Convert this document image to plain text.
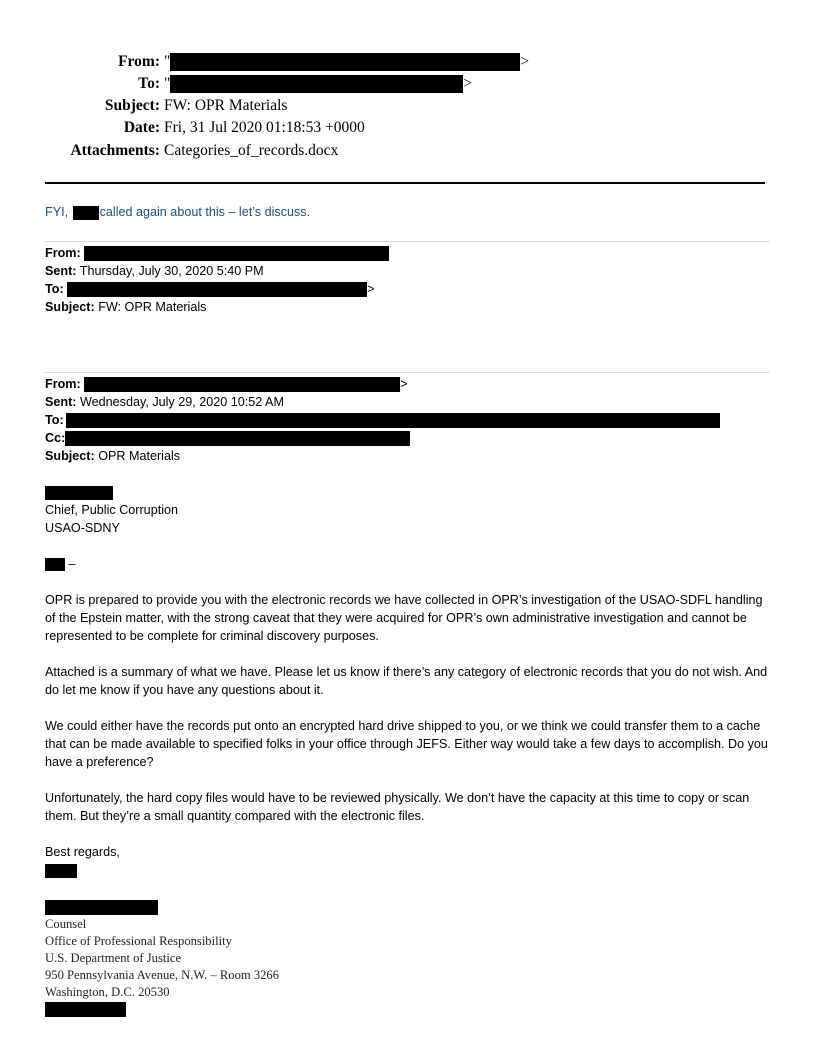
From: "	>
To: "	>
Subject: FW: OPR Materials
Date: Fri, 31 Jul 2020 01:18:53 +0000
Attachments: Categories_of_records.docx
FYI,	called again about this – let’s discuss.
From:
Sent: Thursday, July 30, 2020 5:40 PM
To:	>
Subject: FW: OPR Materials
From:	>
Sent: Wednesday, July 29, 2020 10:52 AM
To:
Cc:
Subject: OPR Materials
Chief, Public Corruption
USAO-SDNY
–
OPR is prepared to provide you with the electronic records we have collected in OPR’s investigation of the USAO-SDFL handling of the Epstein matter, with the strong caveat that they were acquired for OPR’s own administrative investigation and cannot be represented to be complete for criminal discovery purposes.
Attached is a summary of what we have. Please let us know if there’s any category of electronic records that you do not wish. And do let me know if you have any questions about it.
We could either have the records put onto an encrypted hard drive shipped to you, or we think we could transfer them to a cache that can be made available to specified folks in your office through JEFS. Either way would take a few days to accomplish. Do you have a preference?
Unfortunately, the hard copy files would have to be reviewed physically. We don’t have the capacity at this time to copy or scan them. But they’re a small quantity compared with the electronic files.
Best regards,
Counsel
Office of Professional Responsibility
U.S. Department of Justice
950 Pennsylvania Avenue, N.W. – Room 3266
Washington, D.C. 20530
